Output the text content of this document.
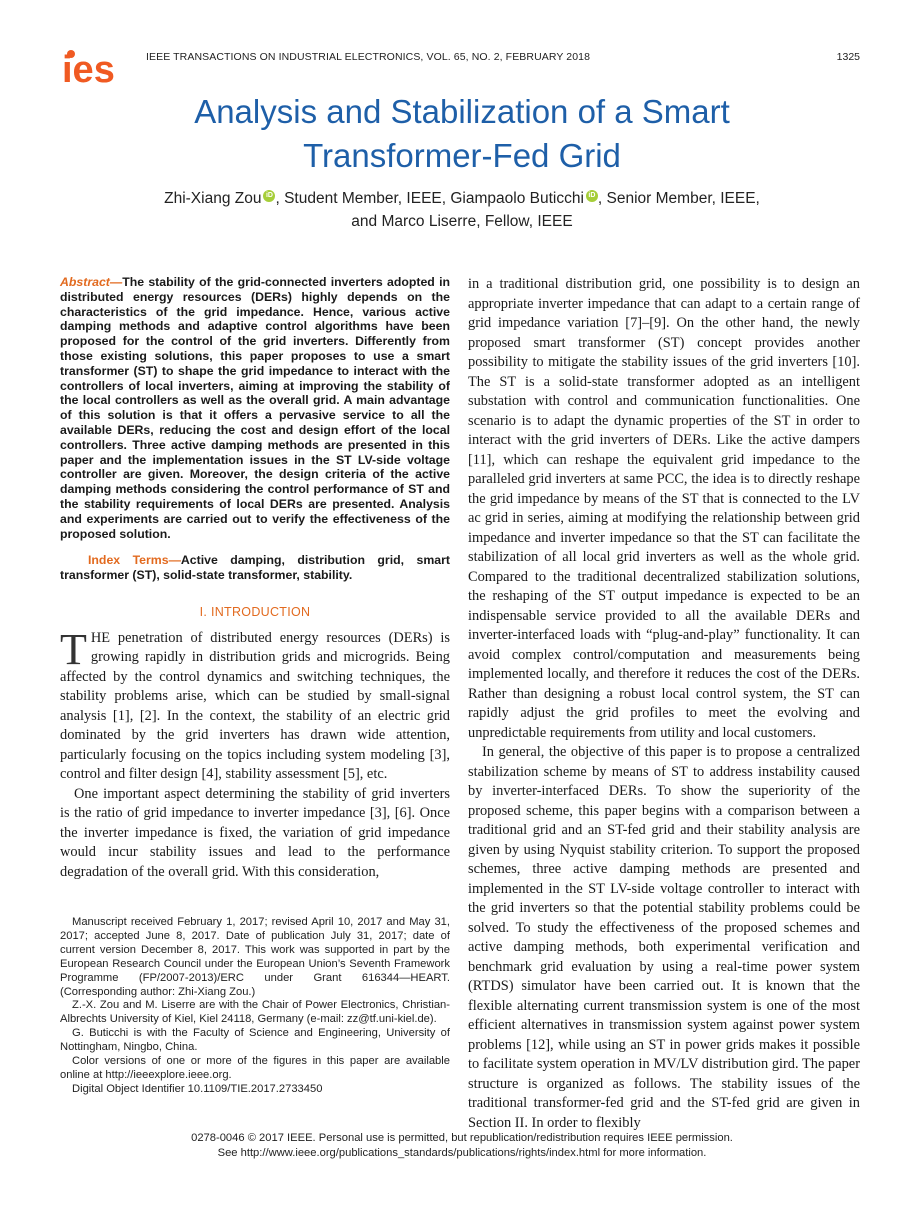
ies	IEEE TRANSACTIONS ON INDUSTRIAL ELECTRONICS, VOL. 65, NO. 2, FEBRUARY 2018	1325
Analysis and Stabilization of a Smart Transformer-Fed Grid
Zhi-Xiang Zou iD , Student Member, IEEE, Giampaolo Buticchi iD , Senior Member, IEEE,
and Marco Liserre, Fellow, IEEE

Abstract—The stability of the grid-connected inverters adopted in distributed energy resources (DERs) highly depends on the characteristics of the grid impedance. Hence, various active damping methods and adaptive control algorithms have been proposed for the control of the grid inverters. Differently from those existing solutions, this paper proposes to use a smart transformer (ST) to shape the grid impedance to interact with the controllers of local inverters, aiming at improving the stability of the local controllers as well as the overall grid. A main advantage of this solution is that it offers a pervasive service to all the available DERs, reducing the cost and design effort of the local controllers. Three active damping methods are presented in this paper and the implementation issues in the ST LV-side voltage controller are given. Moreover, the design criteria of the active damping methods considering the control performance of ST and the stability requirements of local DERs are presented. Analysis and experiments are carried out to verify the effectiveness of the proposed solution.

Index Terms—Active damping, distribution grid, smart transformer (ST), solid-state transformer, stability.

I. INTRODUCTION

THE penetration of distributed energy resources (DERs) is growing rapidly in distribution grids and microgrids. Being affected by the control dynamics and switching techniques, the stability problems arise, which can be studied by small-signal analysis [1], [2]. In the context, the stability of an electric grid dominated by the grid inverters has drawn wide attention, particularly focusing on the topics including system modeling [3], control and filter design [4], stability assessment [5], etc.

One important aspect determining the stability of grid inverters is the ratio of grid impedance to inverter impedance [3], [6]. Once the inverter impedance is fixed, the variation of grid impedance would incur stability issues and lead to the performance degradation of the overall grid. With this consideration,

Manuscript received February 1, 2017; revised April 10, 2017 and May 31, 2017; accepted June 8, 2017. Date of publication July 31, 2017; date of current version December 8, 2017. This work was supported in part by the European Research Council under the European Union’s Seventh Framework Programme (FP/2007-2013)/ERC under Grant 616344—HEART. (Corresponding author: Zhi-Xiang Zou.)

Z.-X. Zou and M. Liserre are with the Chair of Power Electronics, Christian-Albrechts University of Kiel, Kiel 24118, Germany (e-mail: zz@tf.uni-kiel.de).

G. Buticchi is with the Faculty of Science and Engineering, University of Nottingham, Ningbo, China.

Color versions of one or more of the figures in this paper are available online at http://ieeexplore.ieee.org.

Digital Object Identifier 10.1109/TIE.2017.2733450

in a traditional distribution grid, one possibility is to design an appropriate inverter impedance that can adapt to a certain range of grid impedance variation [7]–[9]. On the other hand, the newly proposed smart transformer (ST) concept provides another possibility to mitigate the stability issues of the grid inverters [10]. The ST is a solid-state transformer adopted as an intelligent substation with control and communication functionalities. One scenario is to adapt the dynamic properties of the ST in order to interact with the grid inverters of DERs. Like the active dampers [11], which can reshape the equivalent grid impedance to the paralleled grid inverters at same PCC, the idea is to directly reshape the grid impedance by means of the ST that is connected to the LV ac grid in series, aiming at modifying the relationship between grid impedance and inverter impedance so that the ST can facilitate the stabilization of all local grid inverters as well as the whole grid. Compared to the traditional decentralized stabilization solutions, the reshaping of the ST output impedance is expected to be an indispensable service provided to all the available DERs and inverter-interfaced loads with “plug-and-play” functionality. It can avoid complex control/computation and measurements being implemented locally, and therefore it reduces the cost of the DERs. Rather than designing a robust local control system, the ST can rapidly adjust the grid profiles to meet the evolving and unpredictable requirements from utility and local customers.

In general, the objective of this paper is to propose a centralized stabilization scheme by means of ST to address instability caused by inverter-interfaced DERs. To show the superiority of the proposed scheme, this paper begins with a comparison between a traditional grid and an ST-fed grid and their stability analysis are given by using Nyquist stability criterion. To support the proposed schemes, three active damping methods are presented and implemented in the ST LV-side voltage controller to interact with the grid inverters so that the potential stability problems could be solved. To study the effectiveness of the proposed schemes and active damping methods, both experimental verification and benchmark grid evaluation by using a real-time power system (RTDS) simulator have been carried out. It is known that the flexible alternating current transmission system is one of the most efficient alternatives in transmission system against power system problems [12], while using an ST in power grids makes it possible to facilitate system operation in MV/LV distribution gird. The paper structure is organized as follows. The stability issues of the traditional transformer-fed grid and the ST-fed grid are given in Section II. In order to flexibly

0278-0046 © 2017 IEEE. Personal use is permitted, but republication/redistribution requires IEEE permission.
See http://www.ieee.org/publications_standards/publications/rights/index.html for more information.
